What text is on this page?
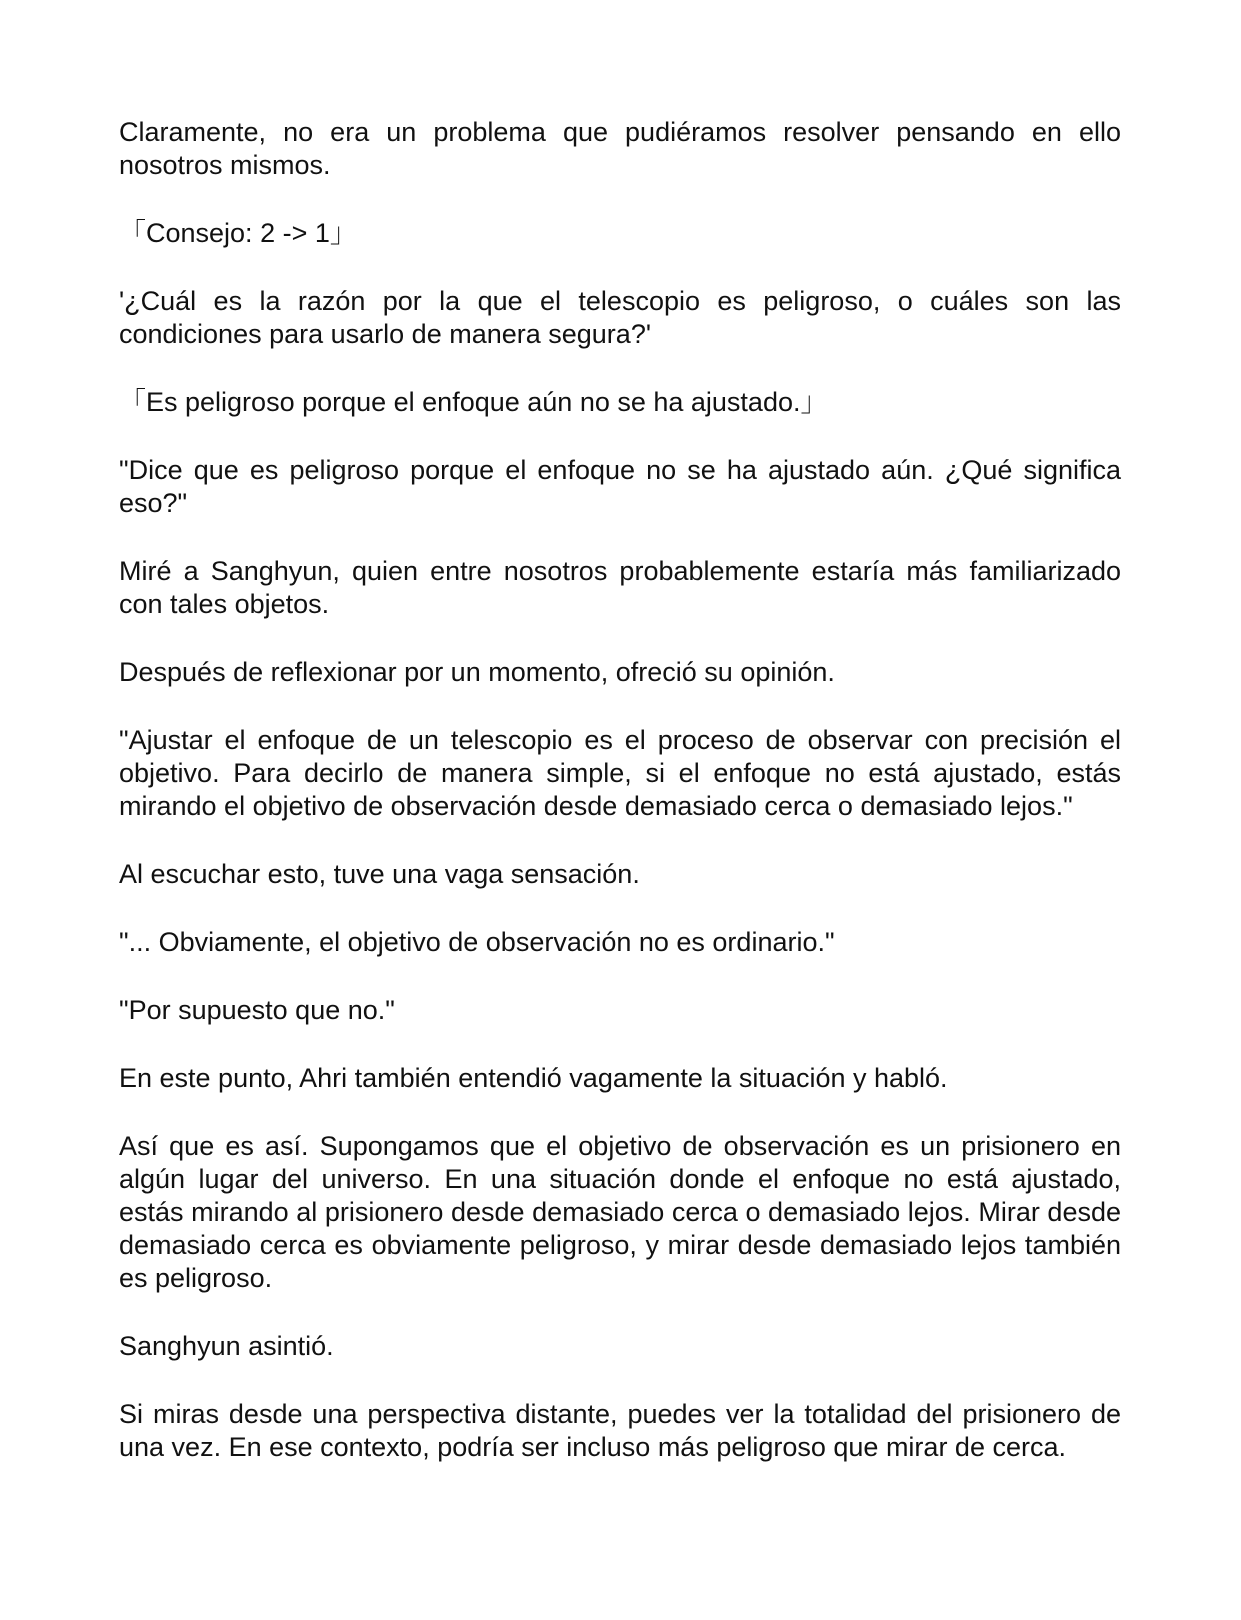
Claramente, no era un problema que pudiéramos resolver pensando en ello nosotros mismos.

「Consejo: 2 -> 1」

'¿Cuál es la razón por la que el telescopio es peligroso, o cuáles son las condiciones para usarlo de manera segura?'

「Es peligroso porque el enfoque aún no se ha ajustado.」

"Dice que es peligroso porque el enfoque no se ha ajustado aún. ¿Qué significa eso?"

Miré a Sanghyun, quien entre nosotros probablemente estaría más familiarizado con tales objetos.

Después de reflexionar por un momento, ofreció su opinión.

"Ajustar el enfoque de un telescopio es el proceso de observar con precisión el objetivo. Para decirlo de manera simple, si el enfoque no está ajustado, estás mirando el objetivo de observación desde demasiado cerca o demasiado lejos."

Al escuchar esto, tuve una vaga sensación.

"... Obviamente, el objetivo de observación no es ordinario."

"Por supuesto que no."

En este punto, Ahri también entendió vagamente la situación y habló.

Así que es así. Supongamos que el objetivo de observación es un prisionero en algún lugar del universo. En una situación donde el enfoque no está ajustado, estás mirando al prisionero desde demasiado cerca o demasiado lejos. Mirar desde demasiado cerca es obviamente peligroso, y mirar desde demasiado lejos también es peligroso.

Sanghyun asintió.

Si miras desde una perspectiva distante, puedes ver la totalidad del prisionero de una vez. En ese contexto, podría ser incluso más peligroso que mirar de cerca.
